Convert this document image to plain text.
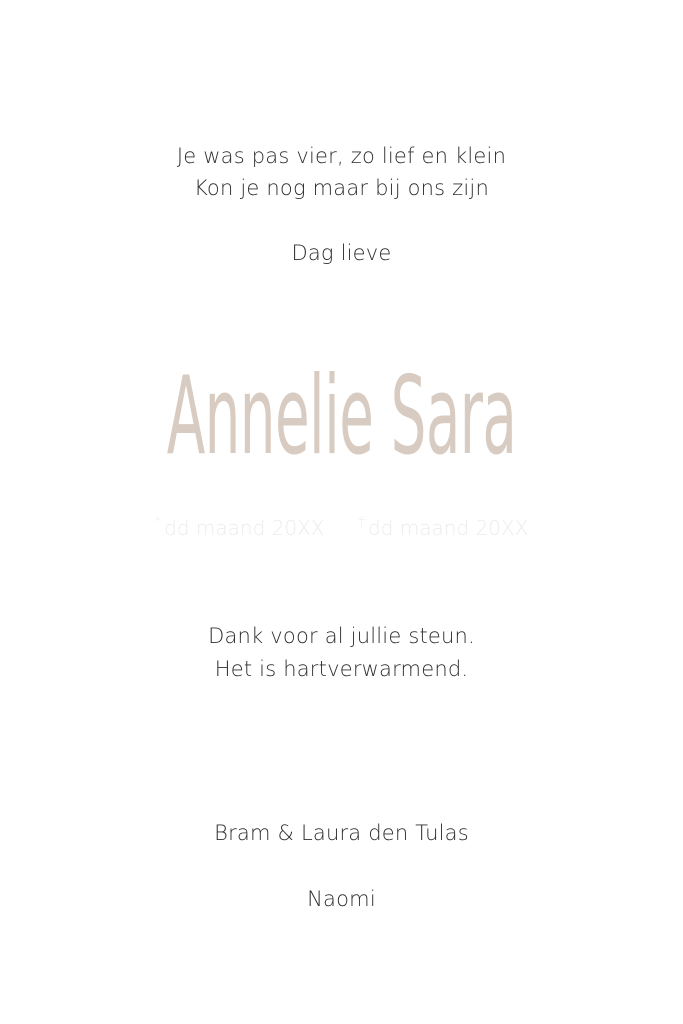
Je was pas vier, zo lief en klein
Kon je nog maar bij ons zijn
Dag lieve
Annelie Sara
* dd maand 20XX	† dd maand 20XX
Dank voor al jullie steun.
Het is hartverwarmend.
Bram & Laura den Tulas
Naomi
